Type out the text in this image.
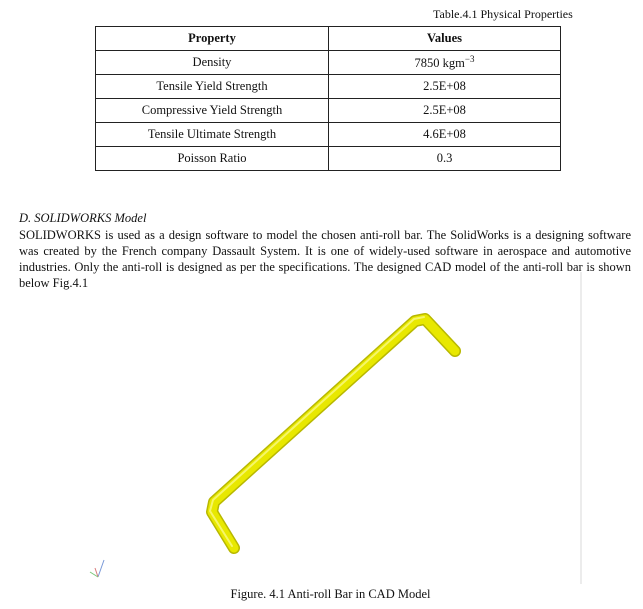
Table.4.1 Physical Properties
Property	Values
Density	7850 kgm$^{-3}$
Tensile Yield Strength	2.5E+08
Compressive Yield Strength	2.5E+08
Tensile Ultimate Strength	4.6E+08
Poisson Ratio	0.3
D. SOLIDWORKS Model
SOLIDWORKS is used as a design software to model the chosen anti-roll bar. The SolidWorks is a designing software was created by the French company Dassault System. It is one of widely-used software in aerospace and automotive industries. Only the anti-roll is designed as per the specifications. The designed CAD model of the anti-roll bar is shown below Fig.4.1
Figure. 4.1 Anti-roll Bar in CAD Model
